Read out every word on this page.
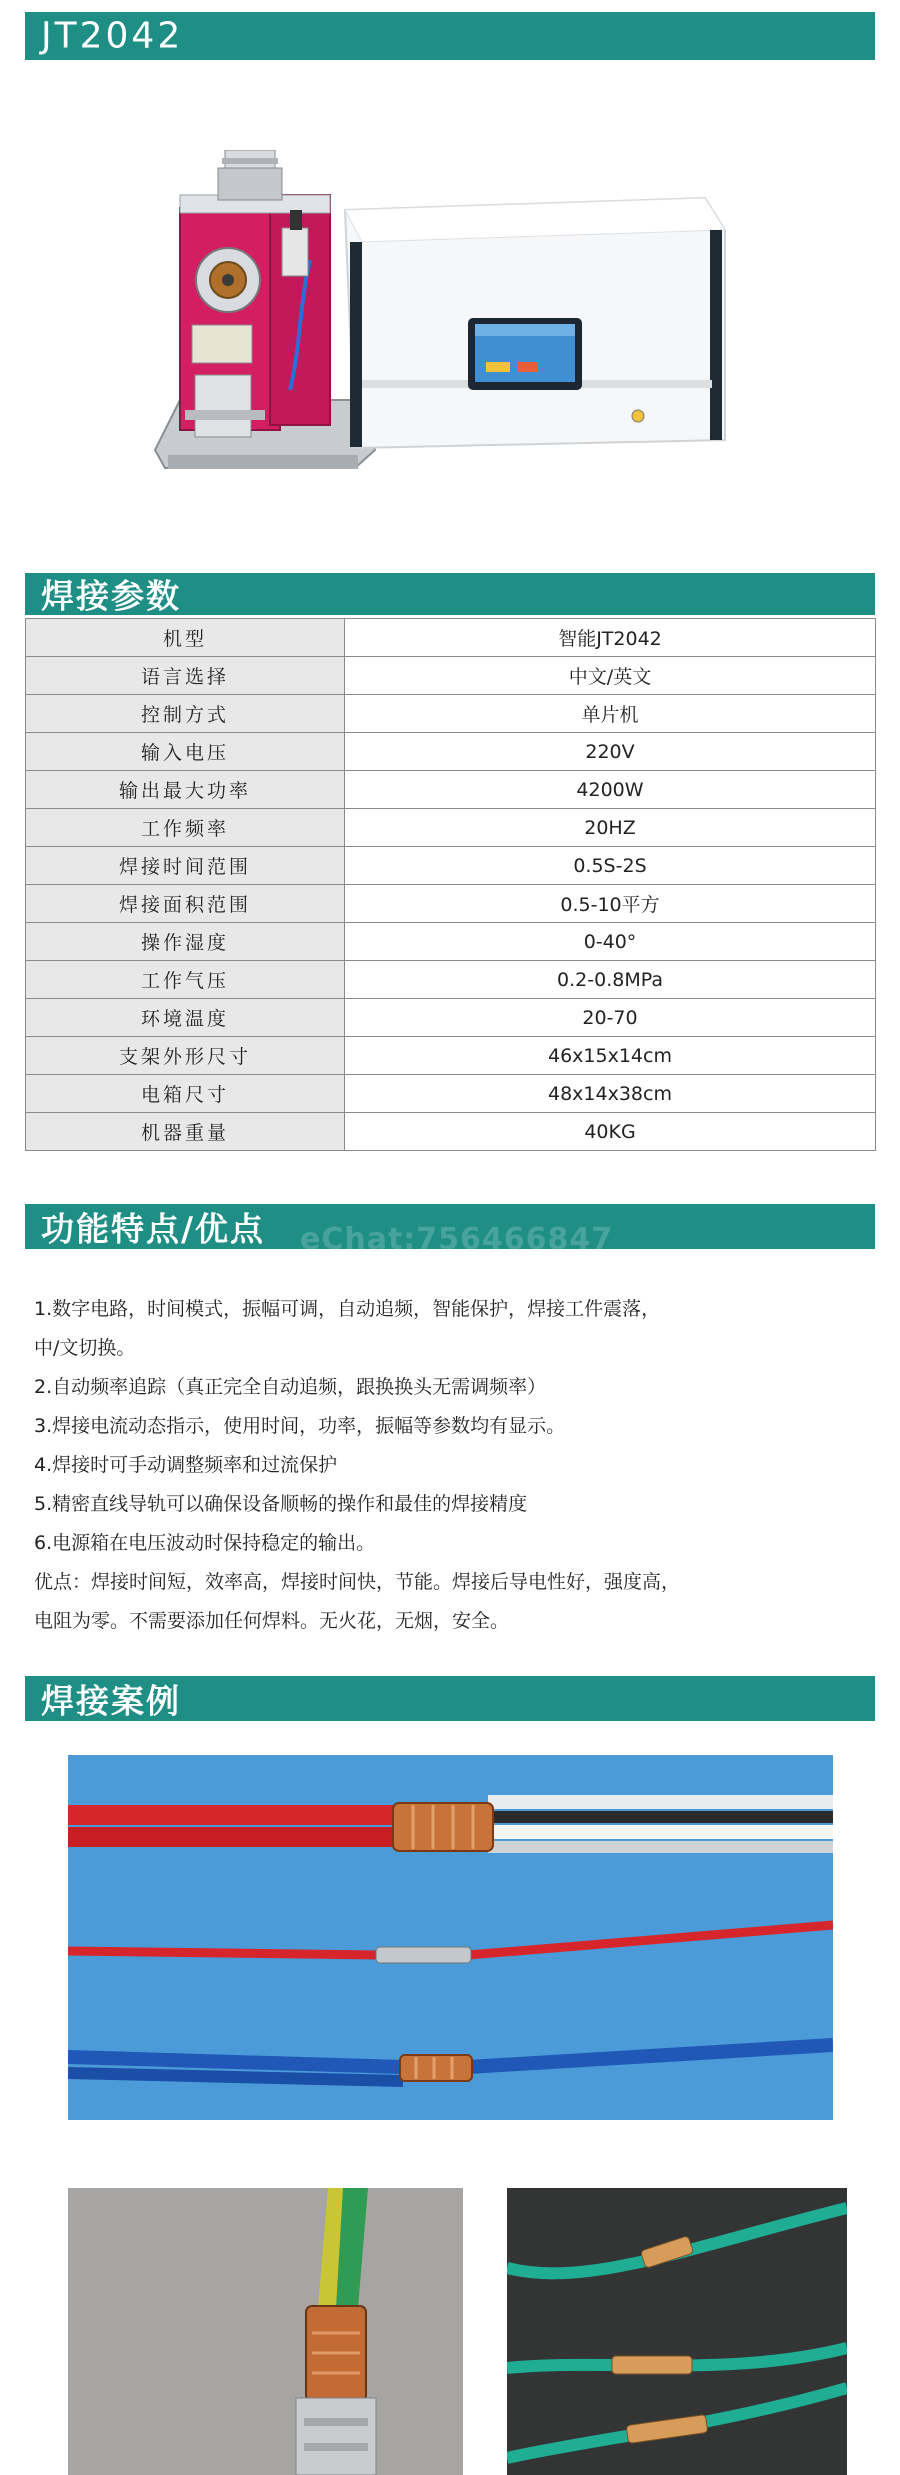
JT2042
焊接参数
机型	智能JT2042
语言选择	中文/英文
控制方式	单片机
输入电压	220V
输出最大功率	4200W
工作频率	20HZ
焊接时间范围	0.5S-2S
焊接面积范围	0.5-10平方
操作湿度	0-40°
工作气压	0.2-0.8MPa
环境温度	20-70
支架外形尺寸	46x15x14cm
电箱尺寸	48x14x38cm
机器重量	40KG
功能特点/优点 eChat:756466847

1.数字电路，时间模式，振幅可调，自动追频，智能保护，焊接工件震落，

中/文切换。

2.自动频率追踪（真正完全自动追频，跟换换头无需调频率）

3.焊接电流动态指示，使用时间，功率，振幅等参数均有显示。

4.焊接时可手动调整频率和过流保护

5.精密直线导轨可以确保设备顺畅的操作和最佳的焊接精度

6.电源箱在电压波动时保持稳定的输出。

优点：焊接时间短，效率高，焊接时间快，节能。焊接后导电性好，强度高，

电阻为零。不需要添加任何焊料。无火花，无烟，安全。

焊接案例
